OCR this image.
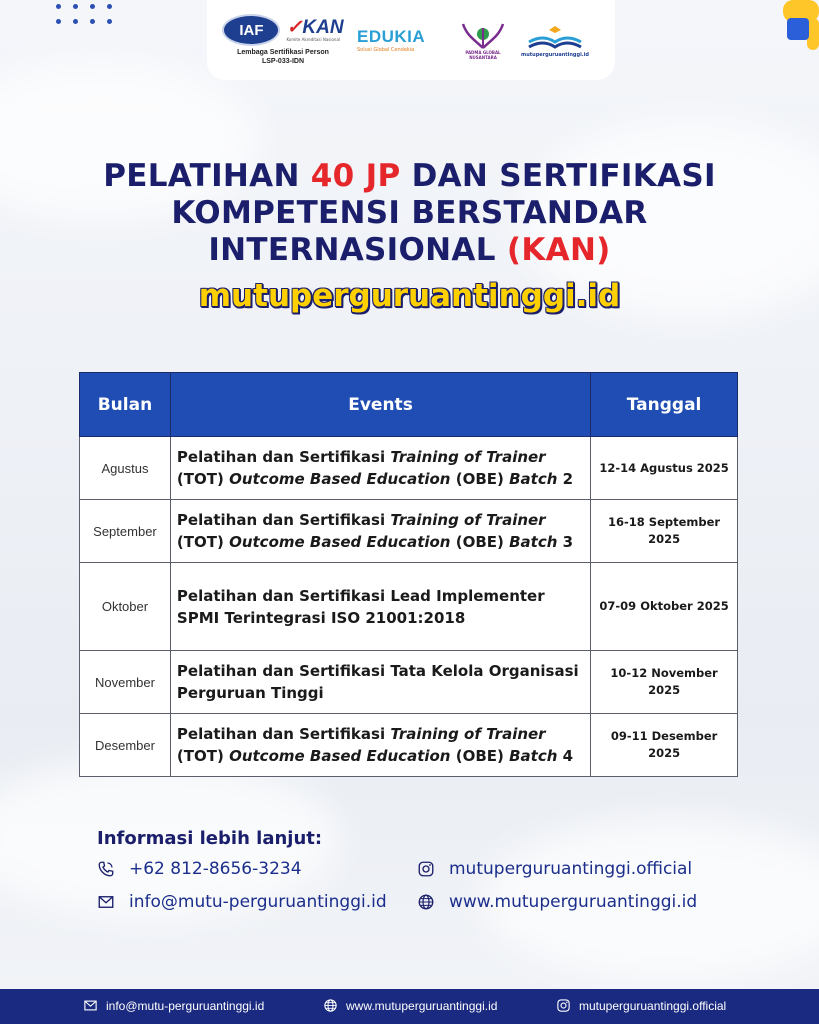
IAF	✓KAN
Komite Akreditasi Nasional
Lembaga Sertifikasi Person
LSP-033-IDN
EDUKIA
Solusi Global Cendekia	PADMA GLOBAL NUSANTARA	mutuperguruantinggi.id
PELATIHAN 40 JP DAN SERTIFIKASI
KOMPETENSI BERSTANDAR
INTERNASIONAL (KAN)
mutuperguruantinggi.id
Bulan	Events	Tanggal
Agustus	Pelatihan dan Sertifikasi Training of Trainer (TOT) Outcome Based Education (OBE) Batch 2	12-14 Agustus 2025
September	Pelatihan dan Sertifikasi Training of Trainer (TOT) Outcome Based Education (OBE) Batch 3	16-18 September 2025
Oktober	Pelatihan dan Sertifikasi Lead Implementer SPMI Terintegrasi ISO 21001:2018	07-09 Oktober 2025
November	Pelatihan dan Sertifikasi Tata Kelola Organisasi Perguruan Tinggi	10-12 November 2025
Desember	Pelatihan dan Sertifikasi Training of Trainer (TOT) Outcome Based Education (OBE) Batch 4	09-11 Desember 2025
Informasi lebih lanjut:
+62 812-8656-3234
info@mutu-perguruantinggi.id
mutuperguruantinggi.official
www.mutuperguruantinggi.id
info@mutu-perguruantinggi.id	www.mutuperguruantinggi.id	mutuperguruantinggi.official
